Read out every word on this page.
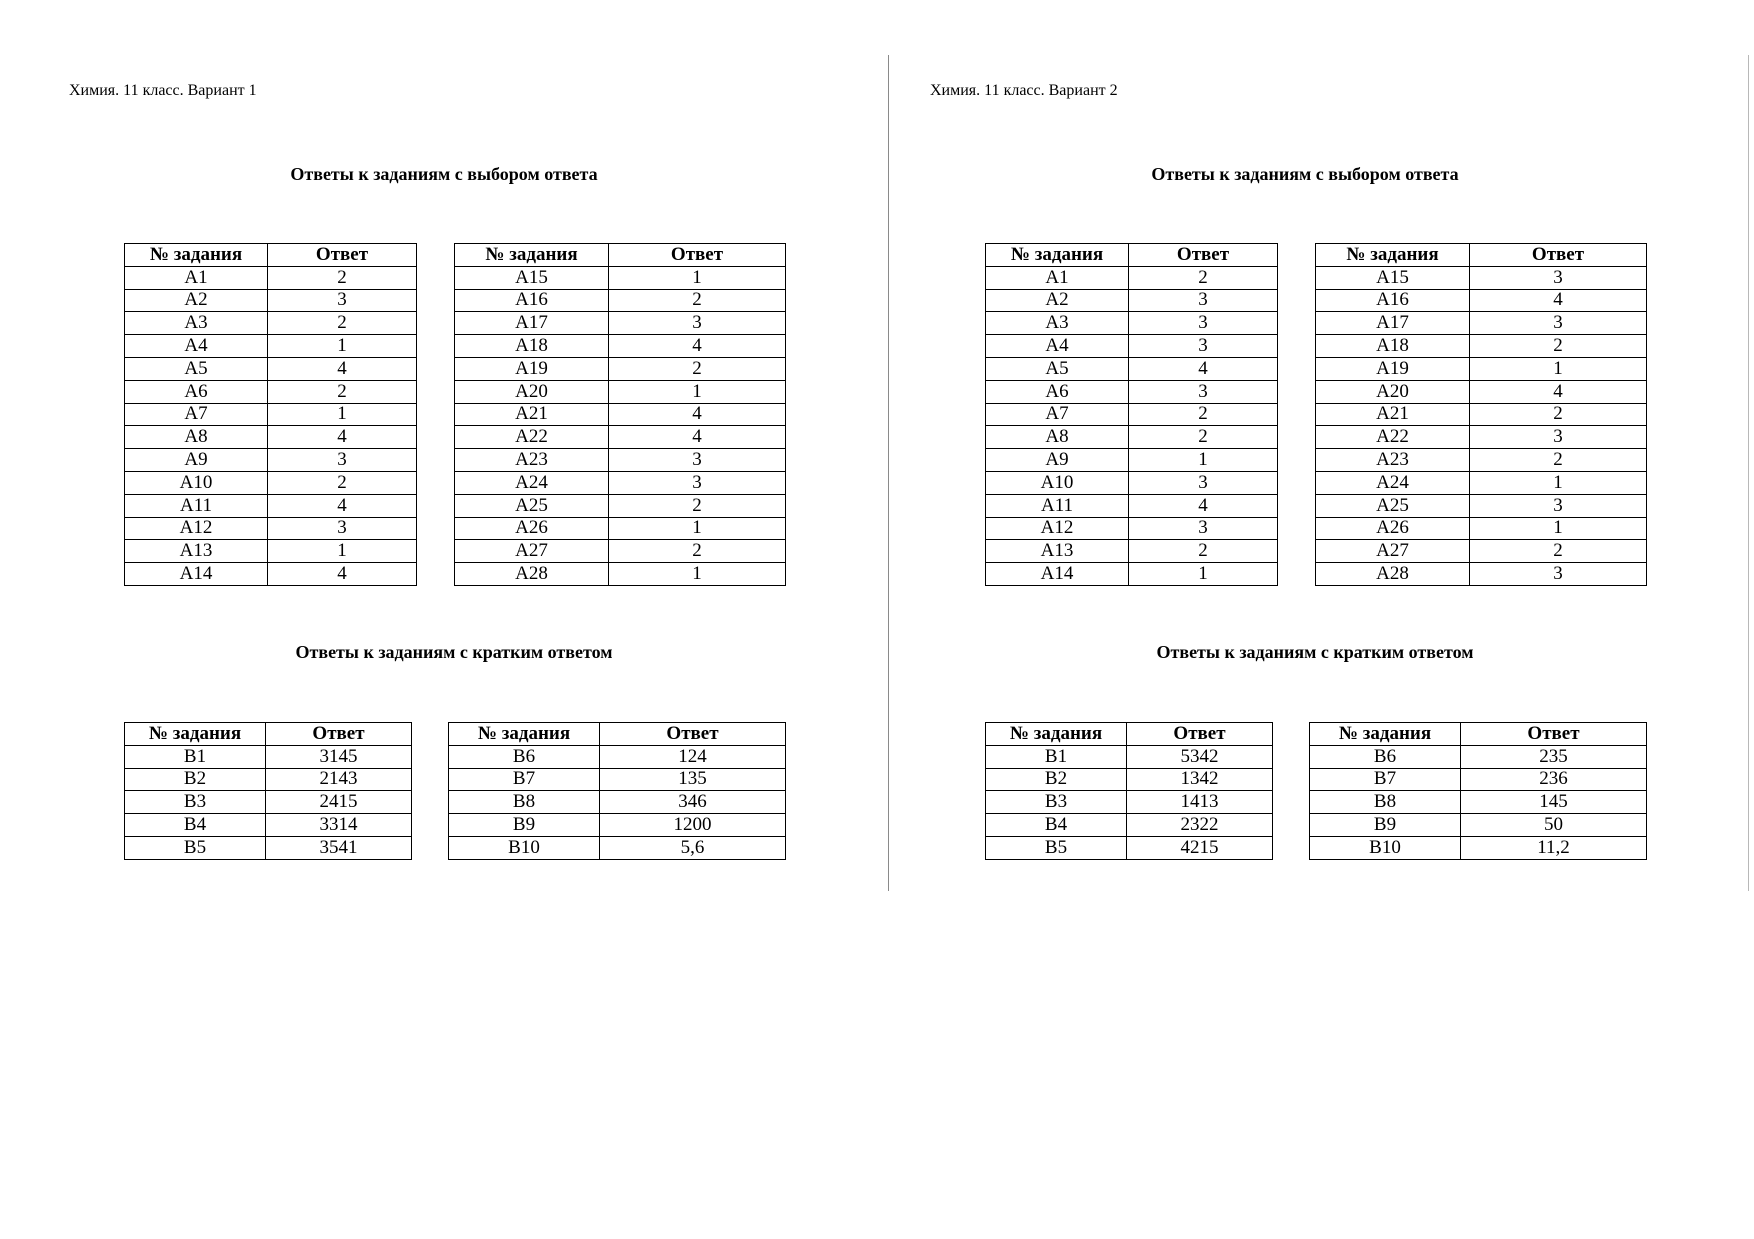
Химия. 11 класс. Вариант 1
Ответы к заданиям с выбором ответа
№ задания	Ответ
А1	2
А2	3
А3	2
А4	1
А5	4
А6	2
А7	1
А8	4
А9	3
А10	2
А11	4
А12	3
А13	1
А14	4
№ задания	Ответ
А15	1
А16	2
А17	3
А18	4
А19	2
А20	1
А21	4
А22	4
А23	3
А24	3
А25	2
А26	1
А27	2
А28	1
Ответы к заданиям с кратким ответом
№ задания	Ответ
В1	3145
В2	2143
В3	2415
В4	3314
В5	3541
№ задания	Ответ
В6	124
В7	135
В8	346
В9	1200
В10	5,6
Химия. 11 класс. Вариант 2
Ответы к заданиям с выбором ответа
№ задания	Ответ
А1	2
А2	3
А3	3
А4	3
А5	4
А6	3
А7	2
А8	2
А9	1
А10	3
А11	4
А12	3
А13	2
А14	1
№ задания	Ответ
А15	3
А16	4
А17	3
А18	2
А19	1
А20	4
А21	2
А22	3
А23	2
А24	1
А25	3
А26	1
А27	2
А28	3
Ответы к заданиям с кратким ответом
№ задания	Ответ
В1	5342
В2	1342
В3	1413
В4	2322
В5	4215
№ задания	Ответ
В6	235
В7	236
В8	145
В9	50
В10	11,2
